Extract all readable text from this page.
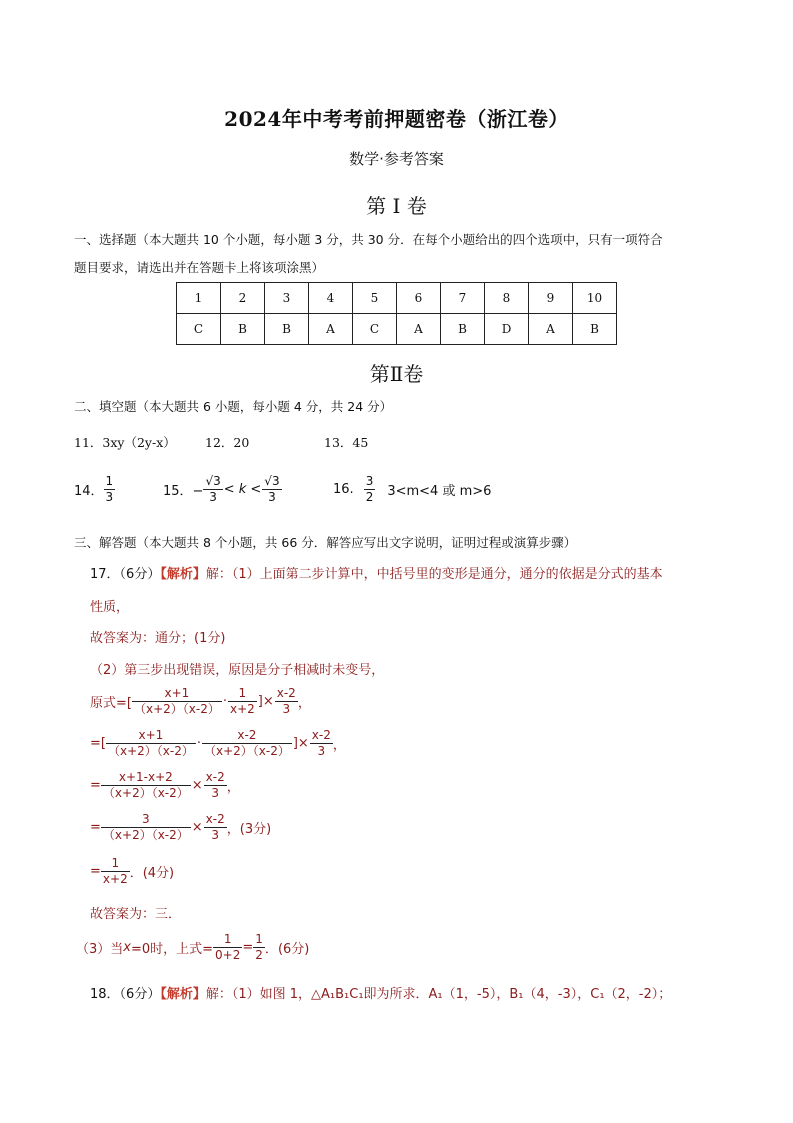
2024年中考考前押题密卷（浙江卷）
数学·参考答案
第 I 卷
一、选择题（本大题共 10 个小题，每小题 3 分，共 30 分．在每个小题给出的四个选项中，只有一项符合
题目要求，请选出并在答题卡上将该项涂黑）
1	2	3	4	5	6	7	8	9	10
C	B	B	A	C	A	B	D	A	B
第Ⅱ卷
二、填空题（本大题共 6 小题，每小题 4 分，共 24 分）
11．3xy（2y-x） 12．20	13．45
14． $\frac{1}{3}$	15．− $\frac{√3}{3} < k < \frac{√3}{3}$	16. $\frac{3}{2} 3<m<4$ 或 m>6
三、解答题（本大题共 8 个小题，共 66 分．解答应写出文字说明，证明过程或演算步骤）
17．（6分）【解析】解：（1）上面第二步计算中，中括号里的变形是通分，通分的依据是分式的基本
性质，
故答案为：通分；(1分)
（2）第三步出现错误，原因是分子相减时未变号，
原式=[ $\frac{x+1}{(x+2)(x-2)} \cdot \frac{1}{x+2}$ ]× $\frac{x-2}{3}$ ，
=[ $\frac{x+1}{(x+2)(x-2)} \cdot \frac{x-2}{(x+2)(x-2)}$ ]× $\frac{x-2}{3}$ ，
= $\frac{x+1-x+2}{(x+2)(x-2)} \times \frac{x-2}{3}$ ，
= $\frac{3}{(x+2)(x-2)} \times \frac{x-2}{3}$ ， (3分)
= $\frac{1}{x+2}$ ． (4分)
故答案为：三．
（3）当 x =0时，上式= $\frac{1}{0+2} = \frac{1}{2}$ ． (6分)
18．（6分）【解析】解：（1）如图 1，△A₁B₁C₁即为所求．A₁（1，-5），B₁（4，-3），C₁（2，-2）；
